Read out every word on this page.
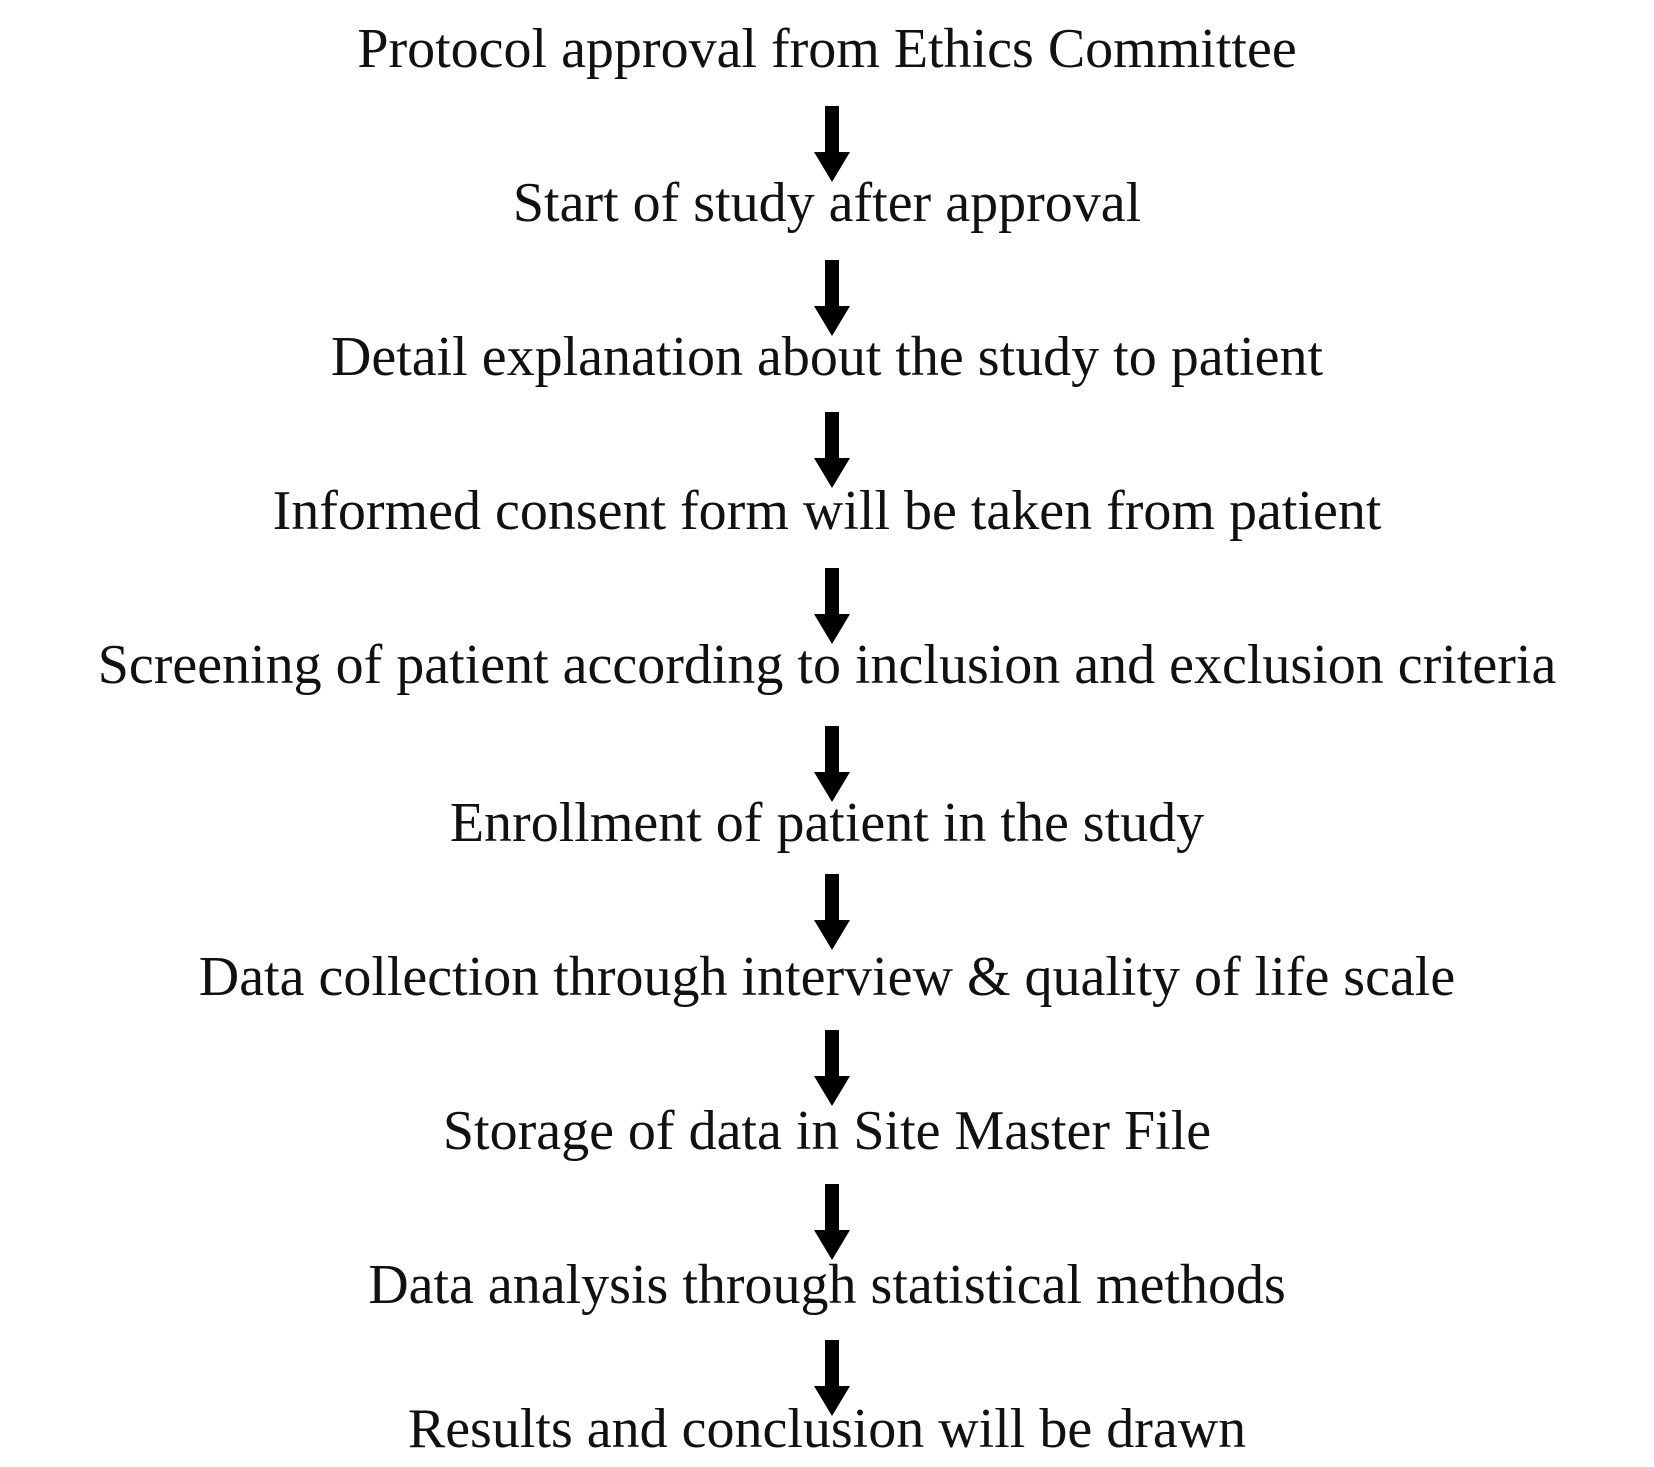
Protocol approval from Ethics Committee
Start of study after approval
Detail explanation about the study to patient
Informed consent form will be taken from patient
Screening of patient according to inclusion and exclusion criteria
Enrollment of patient in the study
Data collection through interview & quality of life scale
Storage of data in Site Master File
Data analysis through statistical methods
Results and conclusion will be drawn
